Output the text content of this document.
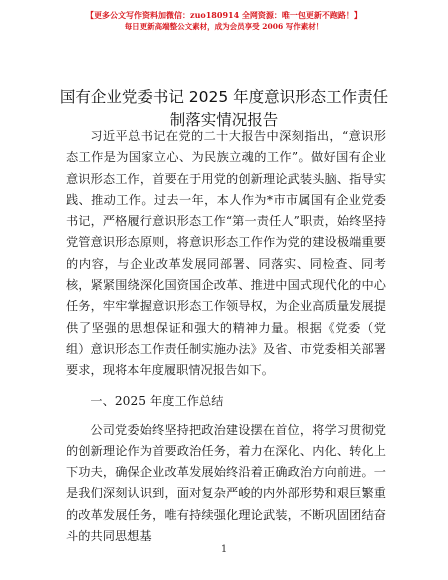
【更多公文写作资料加微信：zuo180914 全网资源：唯一包更新不跑路！】
每日更新高端整公文素材，成为会员享受 2006 写作素材！
国有企业党委书记 2025 年度意识形态工作责任制落实情况报告

习近平总书记在党的二十大报告中深刻指出，“意识形态工作是为国家立心、为民族立魂的工作”。做好国有企业意识形态工作，首要在于用党的创新理论武装头脑、指导实践、推动工作。过去一年，本人作为*市市属国有企业党委书记，严格履行意识形态工作“第一责任人”职责，始终坚持党管意识形态原则，将意识形态工作作为党的建设极端重要的内容，与企业改革发展同部署、同落实、同检查、同考核，紧紧围绕深化国资国企改革、推进中国式现代化的中心任务，牢牢掌握意识形态工作领导权，为企业高质量发展提供了坚强的思想保证和强大的精神力量。根据《党委（党组）意识形态工作责任制实施办法》及省、市党委相关部署要求，现将本年度履职情况报告如下。

一、2025 年度工作总结

公司党委始终坚持把政治建设摆在首位，将学习贯彻党的创新理论作为首要政治任务，着力在深化、内化、转化上下功夫，确保企业改革发展始终沿着正确政治方向前进。一是我们深刻认识到，面对复杂严峻的内外部形势和艰巨繁重的改革发展任务，唯有持续强化理论武装，不断巩固团结奋斗的共同思想基

1
